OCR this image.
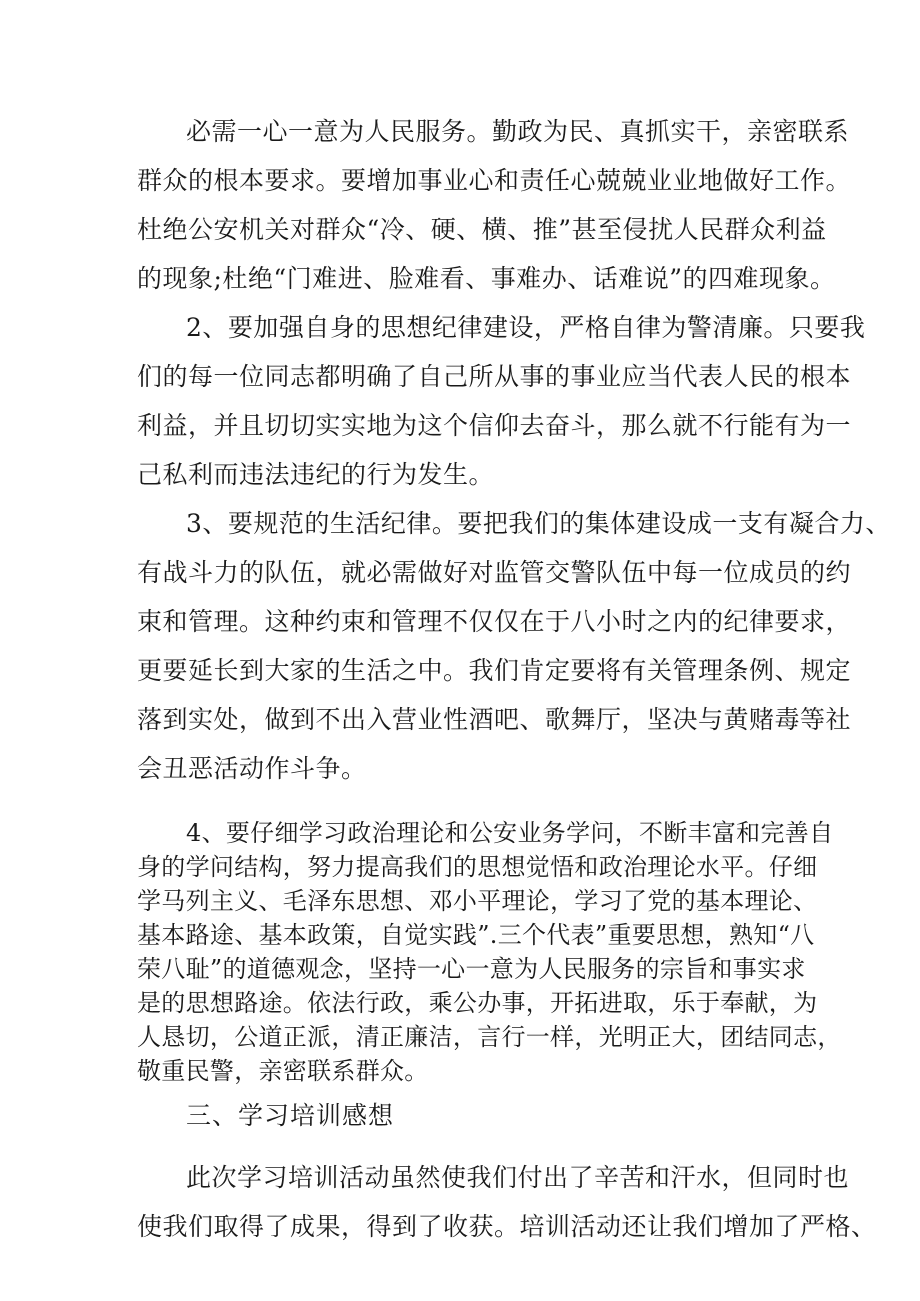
必需一心一意为人民服务。勤政为民、真抓实干，亲密联系

群众的根本要求。要增加事业心和责任心兢兢业业地做好工作。

杜绝公安机关对群众“冷、硬、横、推”甚至侵扰人民群众利益

的现象;杜绝“门难进、脸难看、事难办、话难说”的四难现象。

2、要加强自身的思想纪律建设，严格自律为警清廉。只要我

们的每一位同志都明确了自己所从事的事业应当代表人民的根本

利益，并且切切实实地为这个信仰去奋斗，那么就不行能有为一

己私利而违法违纪的行为发生。

3、要规范的生活纪律。要把我们的集体建设成一支有凝合力、

有战斗力的队伍，就必需做好对监管交警队伍中每一位成员的约

束和管理。这种约束和管理不仅仅在于八小时之内的纪律要求，

更要延长到大家的生活之中。我们肯定要将有关管理条例、规定

落到实处，做到不出入营业性酒吧、歌舞厅，坚决与黄赌毒等社

会丑恶活动作斗争。

4、要仔细学习政治理论和公安业务学问，不断丰富和完善自

身的学问结构，努力提高我们的思想觉悟和政治理论水平。仔细

学马列主义、毛泽东思想、邓小平理论，学习了党的基本理论、

基本路途、基本政策，自觉实践”.三个代表”重要思想，熟知“八

荣八耻”的道德观念，坚持一心一意为人民服务的宗旨和事实求

是的思想路途。依法行政，乘公办事，开拓进取，乐于奉献，为

人恳切，公道正派，清正廉洁，言行一样，光明正大，团结同志，

敬重民警，亲密联系群众。

三、学习培训感想

此次学习培训活动虽然使我们付出了辛苦和汗水，但同时也

使我们取得了成果，得到了收获。培训活动还让我们增加了严格、
